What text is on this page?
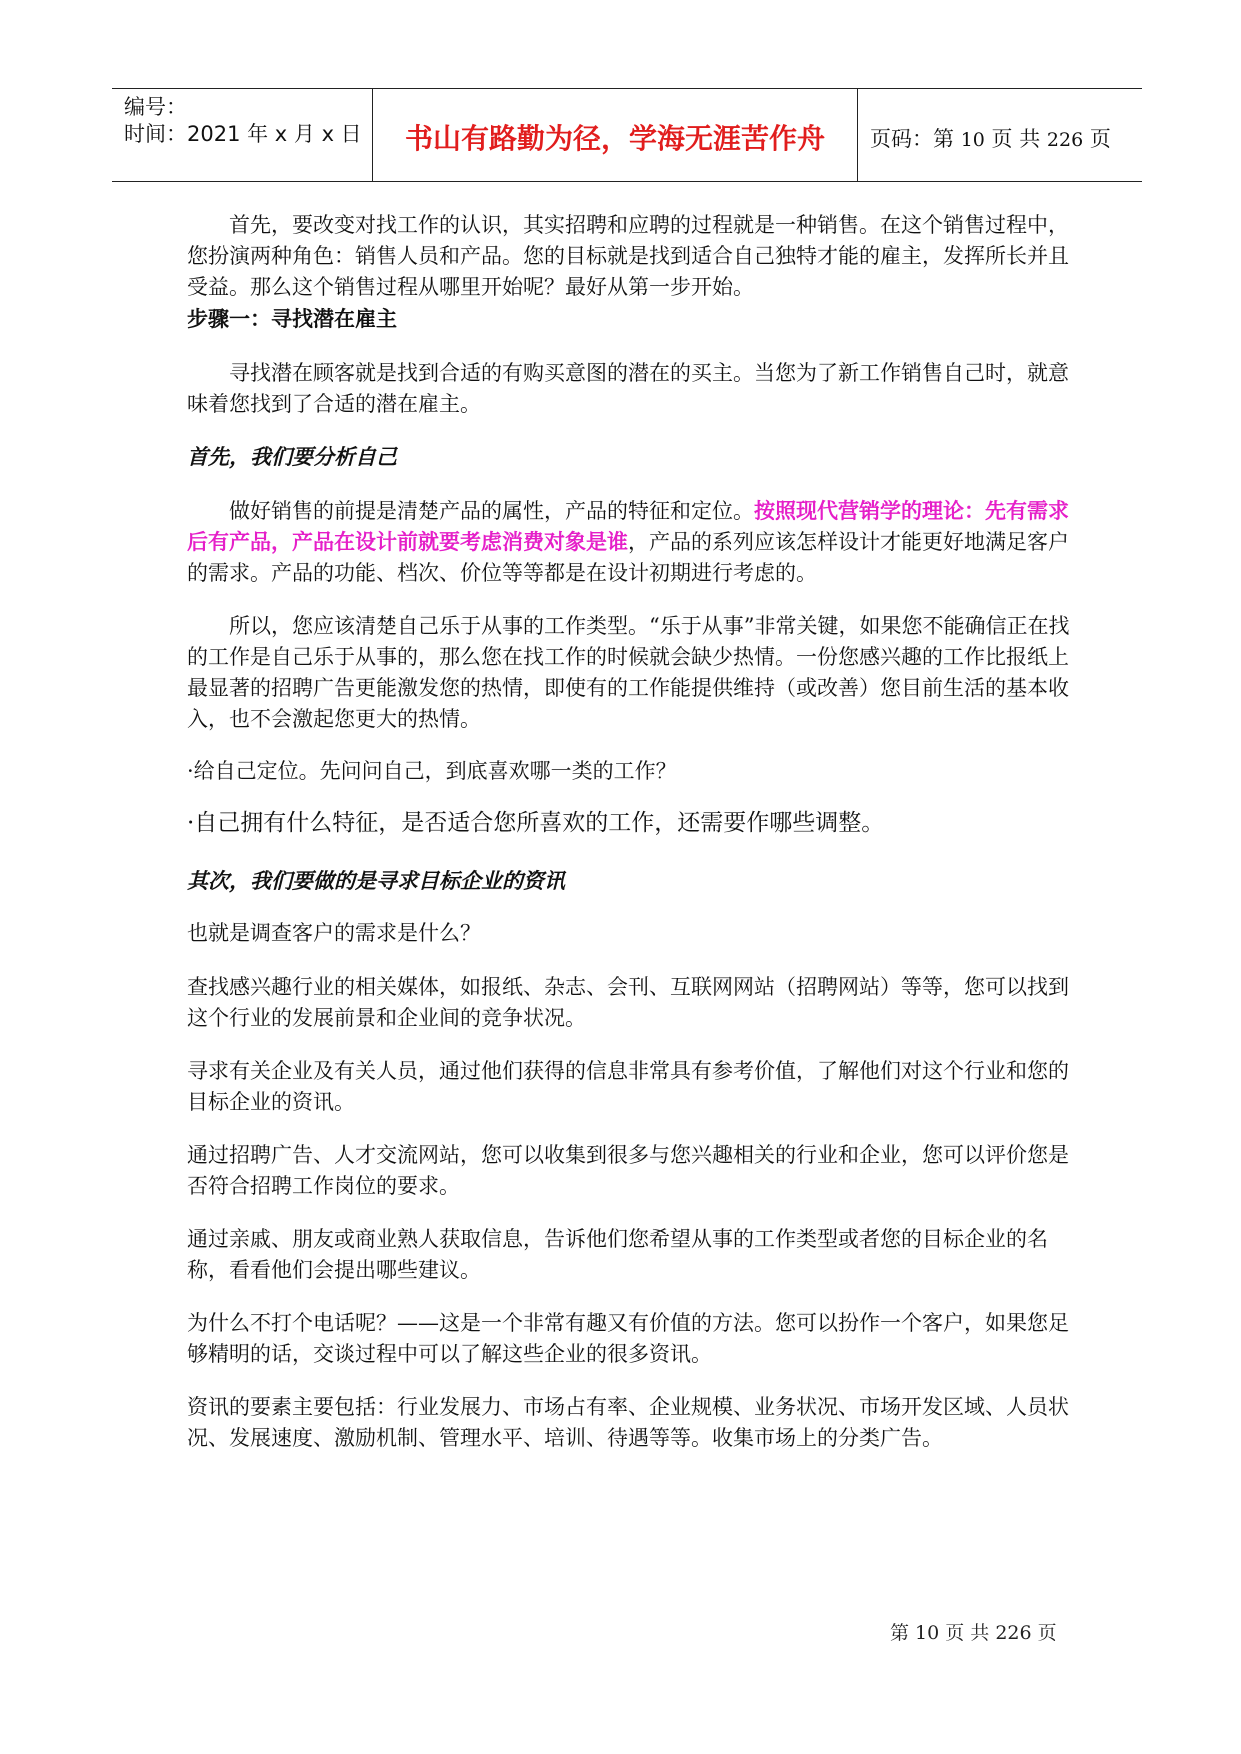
编号：
时间：2021 年 x 月 x 日	书山有路勤为径，学海无涯苦作舟	页码：第 10 页 共 226 页

首先，要改变对找工作的认识，其实招聘和应聘的过程就是一种销售。在这个销售过程中，您扮演两种角色：销售人员和产品。您的目标就是找到适合自己独特才能的雇主，发挥所长并且受益。那么这个销售过程从哪里开始呢？最好从第一步开始。

步骤一：寻找潜在雇主

寻找潜在顾客就是找到合适的有购买意图的潜在的买主。当您为了新工作销售自己时，就意味着您找到了合适的潜在雇主。

首先，我们要分析自己

做好销售的前提是清楚产品的属性，产品的特征和定位。按照现代营销学的理论：先有需求后有产品，产品在设计前就要考虑消费对象是谁，产品的系列应该怎样设计才能更好地满足客户的需求。产品的功能、档次、价位等等都是在设计初期进行考虑的。

所以，您应该清楚自己乐于从事的工作类型。“乐于从事”非常关键，如果您不能确信正在找的工作是自己乐于从事的，那么您在找工作的时候就会缺少热情。一份您感兴趣的工作比报纸上最显著的招聘广告更能激发您的热情，即使有的工作能提供维持（或改善）您目前生活的基本收入，也不会激起您更大的热情。

·给自己定位。先问问自己，到底喜欢哪一类的工作？

·自己拥有什么特征，是否适合您所喜欢的工作，还需要作哪些调整。

其次，我们要做的是寻求目标企业的资讯

也就是调查客户的需求是什么？

查找感兴趣行业的相关媒体，如报纸、杂志、会刊、互联网网站（招聘网站）等等，您可以找到这个行业的发展前景和企业间的竞争状况。

寻求有关企业及有关人员，通过他们获得的信息非常具有参考价值，了解他们对这个行业和您的目标企业的资讯。

通过招聘广告、人才交流网站，您可以收集到很多与您兴趣相关的行业和企业，您可以评价您是否符合招聘工作岗位的要求。

通过亲戚、朋友或商业熟人获取信息，告诉他们您希望从事的工作类型或者您的目标企业的名称，看看他们会提出哪些建议。

为什么不打个电话呢？——这是一个非常有趣又有价值的方法。您可以扮作一个客户，如果您足够精明的话，交谈过程中可以了解这些企业的很多资讯。

资讯的要素主要包括：行业发展力、市场占有率、企业规模、业务状况、市场开发区域、人员状况、发展速度、激励机制、管理水平、培训、待遇等等。收集市场上的分类广告。

第 10 页 共 226 页
